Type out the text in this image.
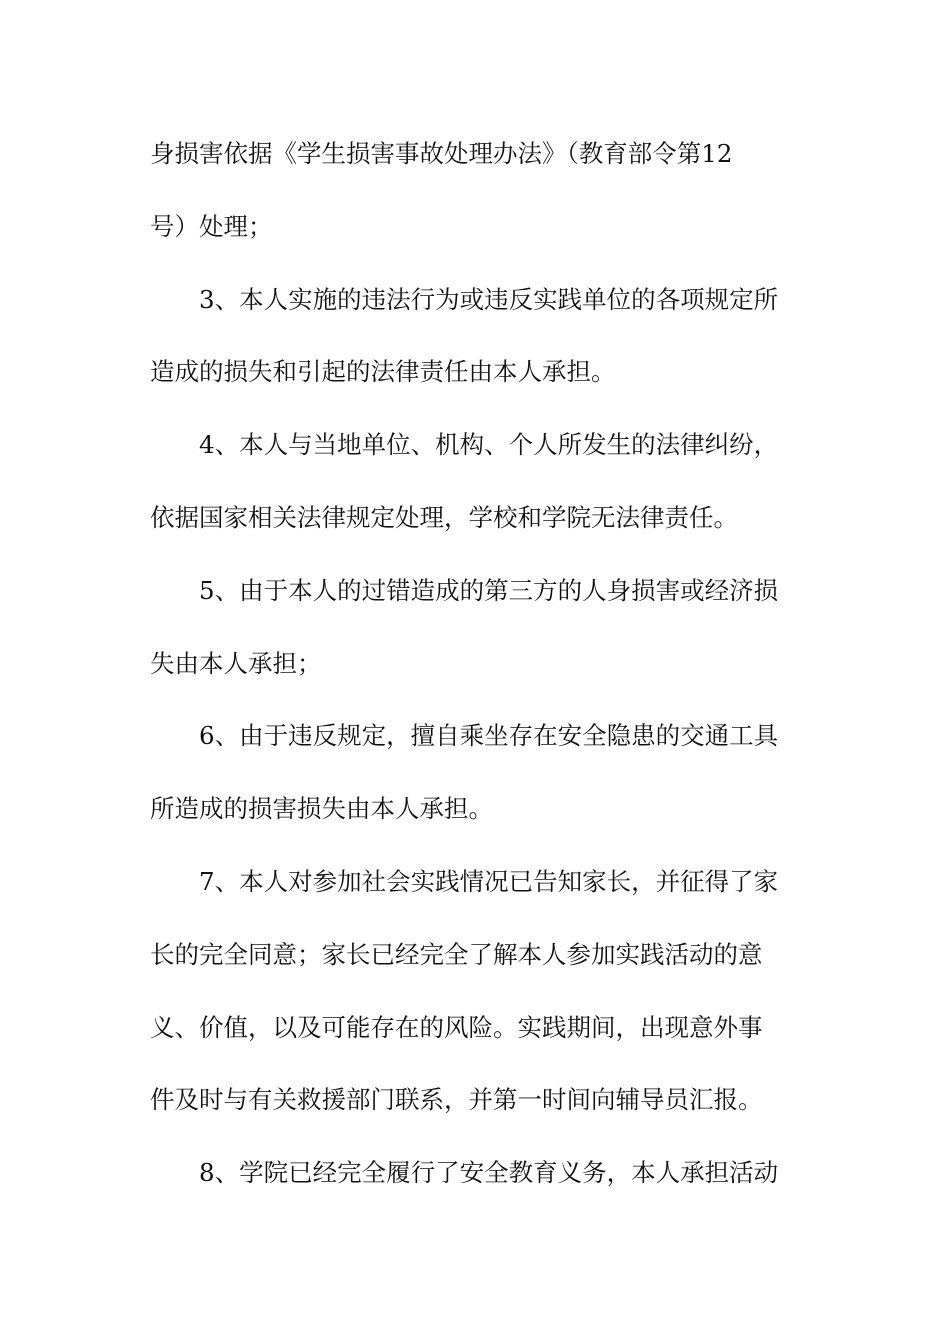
身损害依据《学生损害事故处理办法》（教育部令第12
号）处理；
3、本人实施的违法行为或违反实践单位的各项规定所
造成的损失和引起的法律责任由本人承担。
4、本人与当地单位、机构、个人所发生的法律纠纷，
依据国家相关法律规定处理，学校和学院无法律责任。
5、由于本人的过错造成的第三方的人身损害或经济损
失由本人承担；
6、由于违反规定，擅自乘坐存在安全隐患的交通工具
所造成的损害损失由本人承担。
7、本人对参加社会实践情况已告知家长，并征得了家
长的完全同意；家长已经完全了解本人参加实践活动的意
义、价值，以及可能存在的风险。实践期间，出现意外事
件及时与有关救援部门联系，并第一时间向辅导员汇报。
8、学院已经完全履行了安全教育义务，本人承担活动
